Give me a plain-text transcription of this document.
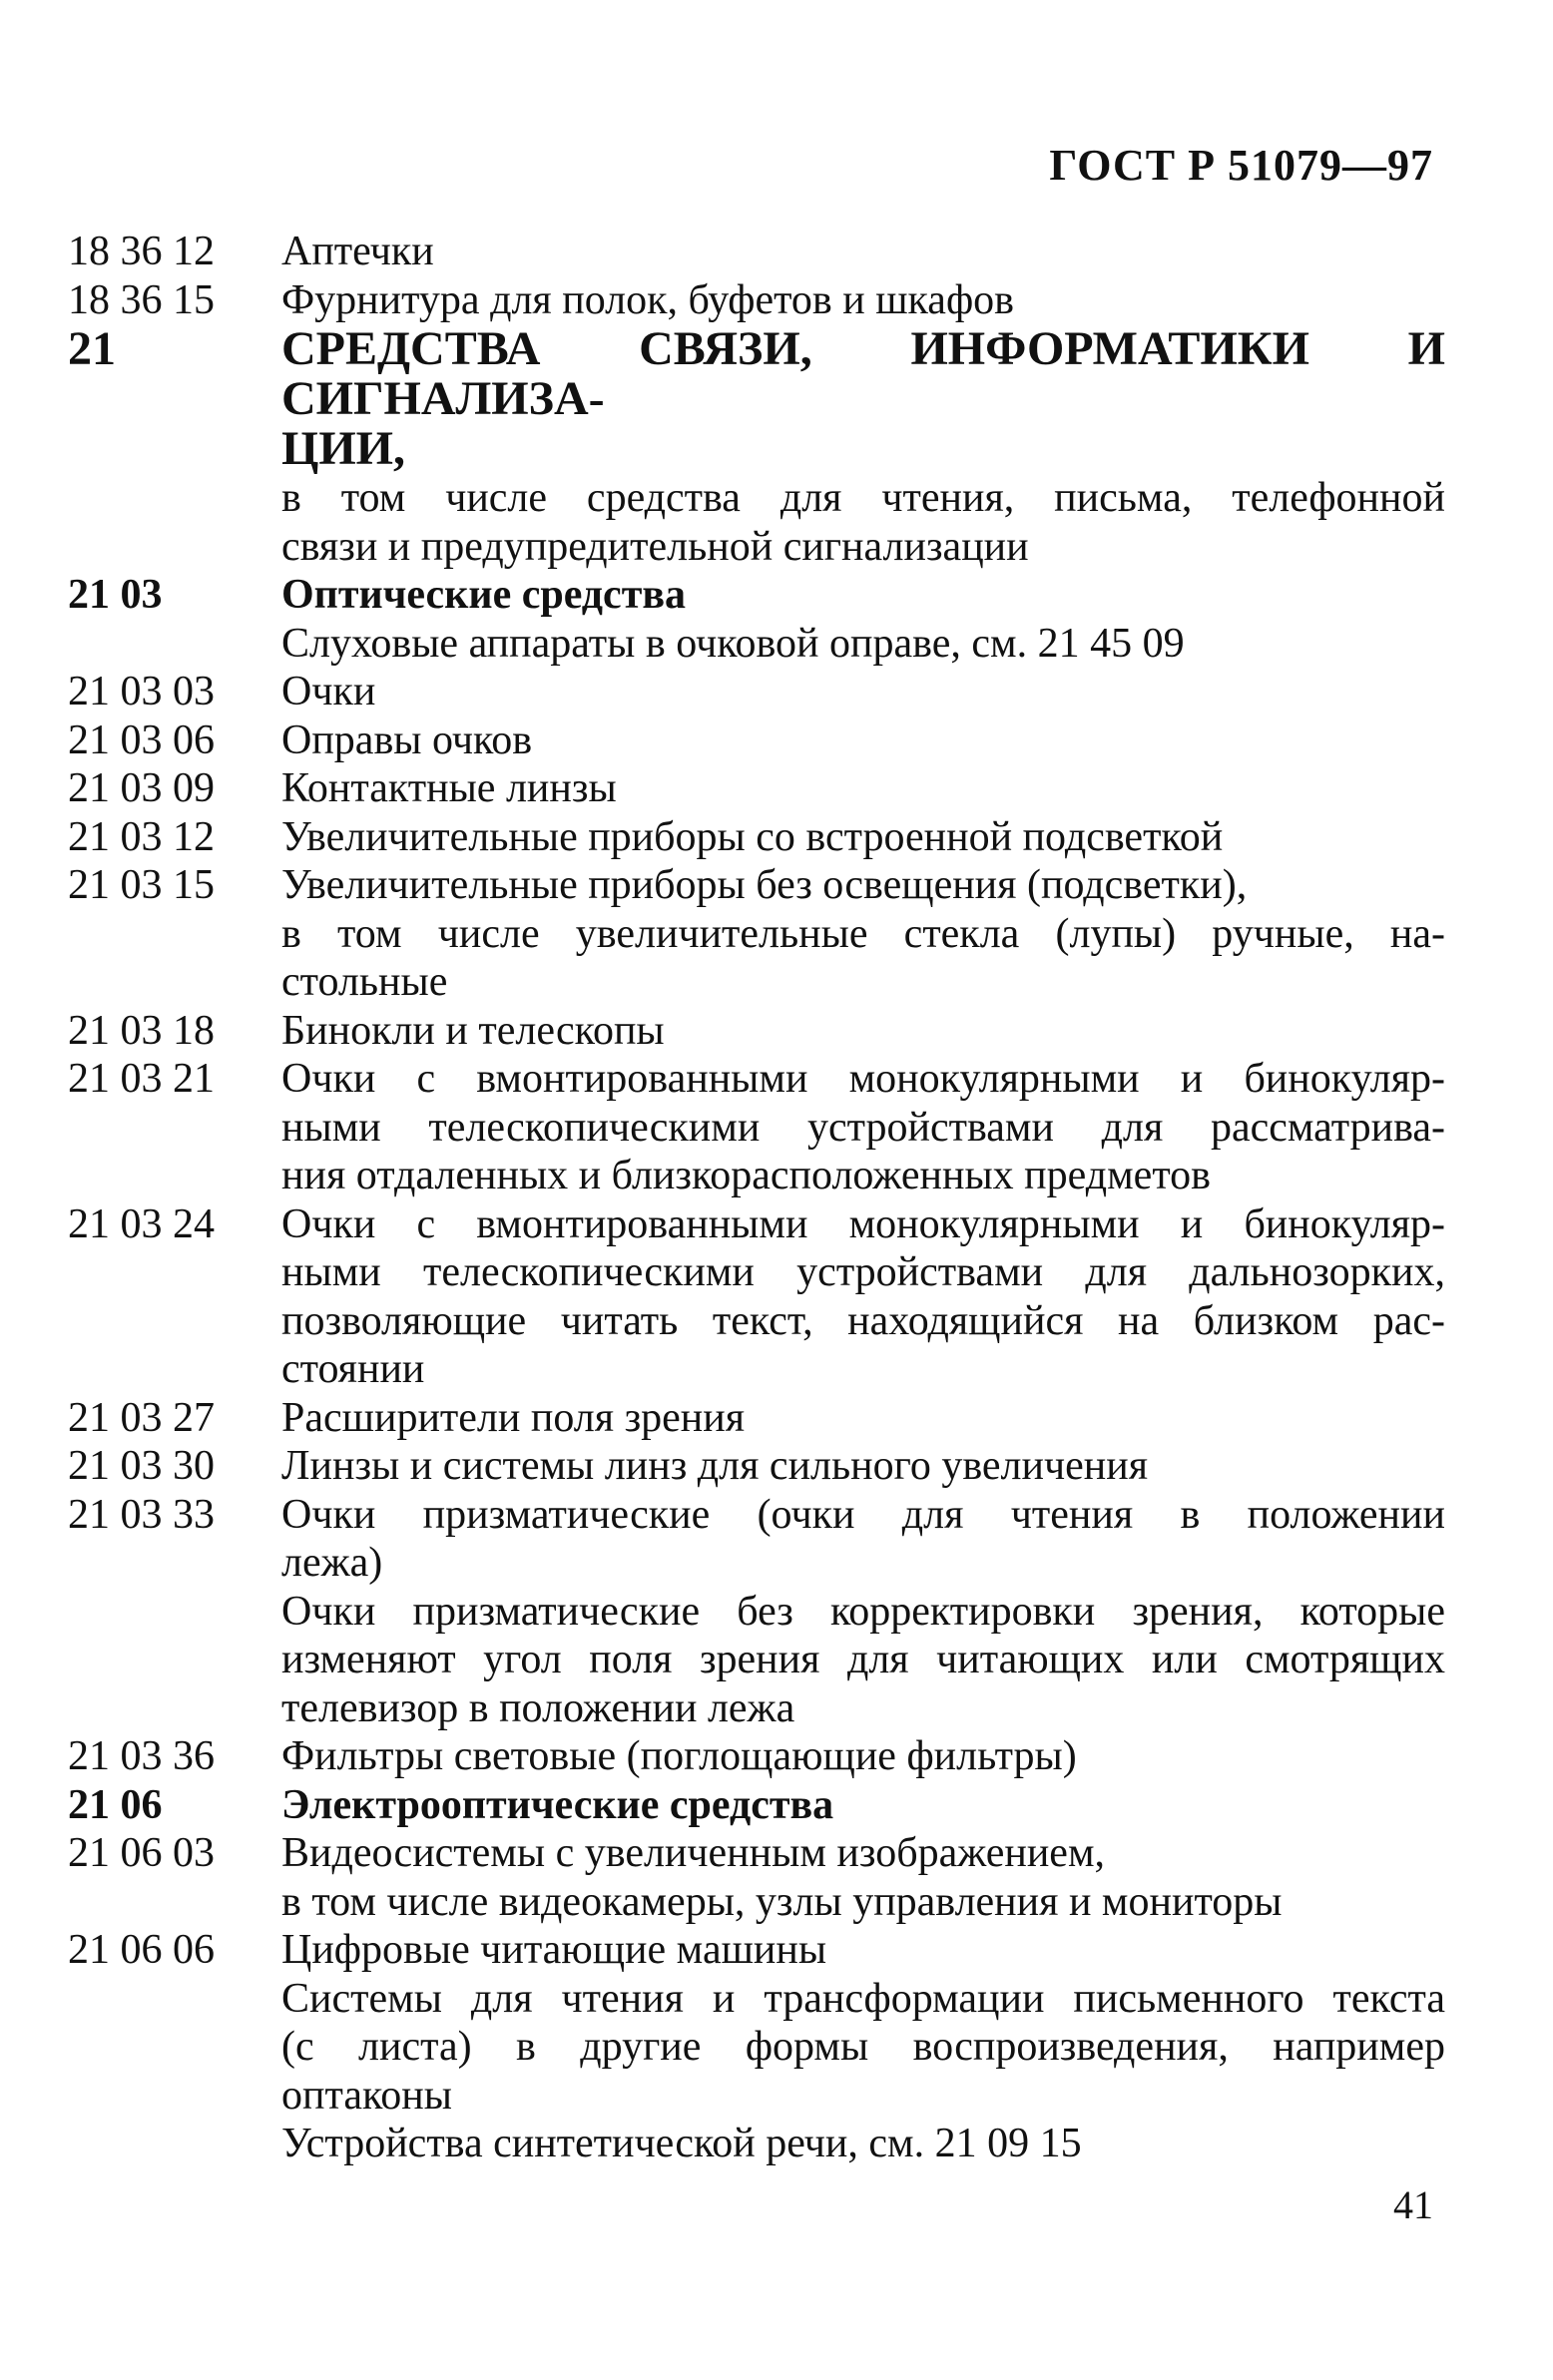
ГОСТ Р 51079—97
18 36 12	Аптечки
18 36 15	Фурнитура для полок, буфетов и шкафов
21	СРЕДСТВА СВЯЗИ, ИНФОРМАТИКИ И СИГНАЛИЗА-
ЦИИ,
в том числе средства для чтения, письма, телефонной
связи и предупредительной сигнализации
21 03	Оптические средства
Слуховые аппараты в очковой оправе, см. 21 45 09
21 03 03	Очки
21 03 06	Оправы очков
21 03 09	Контактные линзы
21 03 12	Увеличительные приборы со встроенной подсветкой
21 03 15	Увеличительные приборы без освещения (подсветки),
в том числе увеличительные стекла (лупы) ручные, на-
стольные
21 03 18	Бинокли и телескопы
21 03 21	Очки с вмонтированными монокулярными и бинокуляр-
ными телескопическими устройствами для рассматрива-
ния отдаленных и близкорасположенных предметов
21 03 24	Очки с вмонтированными монокулярными и бинокуляр-
ными телескопическими устройствами для дальнозорких,
позволяющие читать текст, находящийся на близком рас-
стоянии
21 03 27	Расширители поля зрения
21 03 30	Линзы и системы линз для сильного увеличения
21 03 33	Очки призматические (очки для чтения в положении
лежа)
Очки призматические без корректировки зрения, которые
изменяют угол поля зрения для читающих или смотрящих
телевизор в положении лежа
21 03 36	Фильтры световые (поглощающие фильтры)
21 06	Электрооптические средства
21 06 03	Видеосистемы с увеличенным изображением,
в том числе видеокамеры, узлы управления и мониторы
21 06 06	Цифровые читающие машины
Системы для чтения и трансформации письменного текста
(с листа) в другие формы воспроизведения, например
оптаконы
Устройства синтетической речи, см. 21 09 15
41
